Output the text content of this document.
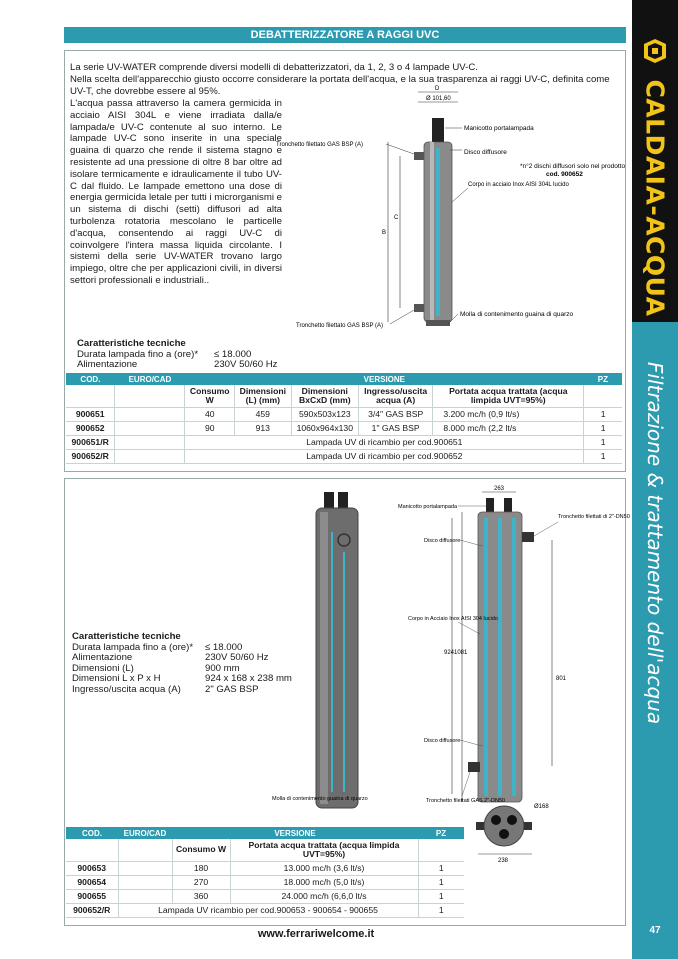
CALDAIA-ACQUA
Filtrazione & trattamento dell'acqua
47
DEBATTERIZZATORE A RAGGI UVC
La serie UV-WATER comprende diversi modelli di debatterizzatori, da 1, 2, 3 o 4 lampade UV-C.
Nella scelta dell'apparecchio giusto occorre considerare la portata dell'acqua, e la sua trasparenza ai raggi UV-C, definita come UV-T, che dovrebbe essere al 95%.
L'acqua passa attraverso la camera germicida in acciaio AISI 304L e viene irradiata dalla/e lampada/e UV-C contenute al suo interno. Le lampade UV-C sono inserite in una speciale guaina di quarzo che rende il sistema stagno e resistente ad una pressione di oltre 8 bar oltre ad isolare termicamente e idraulicamente il tubo UV-C dal fluido. Le lampade emettono una dose di energia germicida letale per tutti i microrganismi e un sistema di dischi (setti) diffusori ad alta turbolenza rotatoria mescolano le particelle d'acqua, consentendo ai raggi UV-C di coinvolgere l'intera massa liquida circolante. I sistemi della serie UV-WATER trovano largo impiego, oltre che per applicazioni civili, in diversi settori professionali e industriali..
D
Ø 101,60
B
C
Manicotto portalampada
Tronchetto filettato GAS BSP (A)
Disco diffusore
*n°2 dischi diffusori solo nel prodotto
cod. 900652
Corpo in acciaio Inox AISI 304L lucido
Tronchetto filettato GAS BSP (A)
Molla di contenimento guaina di quarzo
Caratteristiche tecniche
Durata lampada fino a (ore)*	≤ 18.000
Alimentazione	230V 50/60 Hz
COD.	EURO/CAD	VERSIONE					PZ
		Consumo W	Dimensioni (L) (mm)	Dimensioni BxCxD (mm)	Ingresso/uscita acqua (A)	Portata acqua trattata (acqua limpida UVT=95%)	
900651		40	459	590x503x123	3/4" GAS BSP	3.200 mc/h (0,9 lt/s)	1
900652		90	913	1060x964x130	1" GAS BSP	8.000 mc/h (2,2 lt/s	1
900651/R		Lampada UV di ricambio per cod.900651					1
900652/R		Lampada UV di ricambio per cod.900652					1
263
924 1081
801
Manicotto portalampada
Tronchetto filettati di 2"-DN50
Disco diffusore
Corpo in Acciaio Inox AISI 304 lucido
Disco diffusore
Tronchetto filettati GAS 2"-DN50
Molla di contenimento guaina di quarzo
Ø168
238
Caratteristiche tecniche
Durata lampada fino a (ore)*	≤ 18.000
Alimentazione	230V 50/60 Hz
Dimensioni (L)	900 mm
Dimensioni L x P x H	924 x 168 x 238 mm
Ingresso/uscita acqua (A)	2" GAS BSP
COD.	EURO/CAD	VERSIONE		PZ
		Consumo W	Portata acqua trattata (acqua limpida UVT=95%)	
900653		180	13.000 mc/h (3,6 lt/s)	1
900654		270	18.000 mc/h (5,0 lt/s)	1
900655		360	24.000 mc/h (6,6,0 lt/s	1
900652/R	Lampada UV ricambio per cod.900653 - 900654 - 900655			1
www.ferrariwelcome.it
